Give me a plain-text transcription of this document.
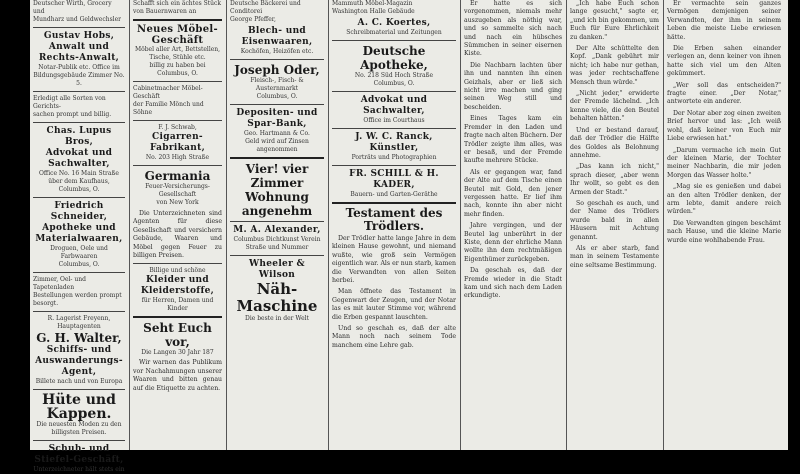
Deutscher Wirth, Grocery und
Mundharz und Geldwechsler
Gustav Hobs,
Anwalt und Rechts-Anwalt,
Notar-Publik etc. Office im
Bildungsgebäude Zimmer No. 5.
Erledigt alle Sorten von Gerichts-
sachen prompt und billig.
Chas. Lupus Bros,
Advokat und Sachwalter,
Office No. 16 Main Straße
über dem Kaufhaus, Columbus, O.
Friedrich Schneider,
Apotheke und Materialwaaren,
Droguen, Oele und Farbwaaren
Columbus, O.
Zimmer, Oel- und Tapetenladen
Bestellungen werden prompt besorgt.
R. Lagerist Freyenn, Hauptagenten
G. H. Walter,
Schiffs- und Auswanderungs-Agent,
Billete nach und von Europa
Hüte und Kappen.
Die neuesten Moden zu den
billigsten Preisen.
Schuh- und Stiefel-Geschäft,
Unterzeichneter hält stets ein
Schafft sich ein ächtes Stück
von Bauernwaren an
Neues Möbel-Geschäft
Möbel aller Art, Bettstellen,
Tische, Stühle etc.
billig zu haben bei
Columbus, O.
Cabinetmacher Möbel-Geschäft
der Familie Mönch und Söhne
F. J. Schwab,
Cigarren-Fabrikant,
No. 203 High Straße
Germania
Feuer-Versicherungs-Gesellschaft
von New York

Die Unterzeichneten sind Agenten für diese Gesellschaft und versichern Gebäude, Waaren und Möbel gegen Feuer zu billigen Preisen.

Billige und schöne
Kleider und Kleiderstoffe,
für Herren, Damen und Kinder
Seht Euch vor,
Die Langen 30 Jahr 187

Wir warnen das Publikum vor Nachahmungen unserer Waaren und bitten genau auf die Etiquette zu achten.

Deutsche Bäckerei und Conditorei
George Pfeffer,
Blech- und Eisenwaaren,
Kochöfen, Heizöfen etc.
Joseph Oder,
Fleisch-, Fisch- & Austernmarkt
Columbus, O.
Depositen- und Spar-Bank,
Geo. Hartmann & Co.
Geld wird auf Zinsen angenommen
Vier! vier Zimmer
Wohnung angenehm
M. A. Alexander,
Columbus Dichtkunst Verein
Straße und Nummer
Wheeler & Wilson
Näh-Maschine
Die beste in der Welt
Mammuth Möbel-Magazin
Washington Halle Gebäude
A. C. Koertes,
Schreibmaterial und Zeitungen
Deutsche Apotheke,
No. 218 Süd Hoch Straße
Columbus, O.
Advokat und Sachwalter,
Office im Courthaus
J. W. C. Ranck, Künstler,
Porträts und Photographien
FR. SCHILL & H. KADER,
Bauern- und Garten-Geräthe
Testament des Trödlers.

Der Trödler hatte lange Jahre in dem kleinen Hause gewohnt, und niemand wußte, wie groß sein Vermögen eigentlich war. Als er nun starb, kamen die Verwandten von allen Seiten herbei.

Man öffnete das Testament in Gegenwart der Zeugen, und der Notar las es mit lauter Stimme vor, während die Erben gespannt lauschten.

Und so geschah es, daß der alte Mann noch nach seinem Tode manchem eine Lehre gab.

Er hatte es sich vorgenommen, niemals mehr auszugeben als nöthig war, und so sammelte sich nach und nach ein hübsches Sümmchen in seiner eisernen Kiste.

Die Nachbarn lachten über ihn und nannten ihn einen Geizhals, aber er ließ sich nicht irre machen und ging seinen Weg still und bescheiden.

Eines Tages kam ein Fremder in den Laden und fragte nach alten Büchern. Der Trödler zeigte ihm alles, was er besaß, und der Fremde kaufte mehrere Stücke.

Als er gegangen war, fand der Alte auf dem Tische einen Beutel mit Gold, den jener vergessen hatte. Er lief ihm nach, konnte ihn aber nicht mehr finden.

Jahre vergingen, und der Beutel lag unberührt in der Kiste, denn der ehrliche Mann wollte ihn dem rechtmäßigen Eigenthümer zurückgeben.

Da geschah es, daß der Fremde wieder in die Stadt kam und sich nach dem Laden erkundigte.

„Ich habe Euch schon lange gesucht," sagte er, „und ich bin gekommen, um Euch für Eure Ehrlichkeit zu danken."

Der Alte schüttelte den Kopf. „Dank gebührt mir nicht; ich habe nur gethan, was jeder rechtschaffene Mensch thun würde."

„Nicht jeder," erwiderte der Fremde lächelnd. „Ich kenne viele, die den Beutel behalten hätten."

Und er bestand darauf, daß der Trödler die Hälfte des Goldes als Belohnung annehme.

„Das kann ich nicht," sprach dieser, „aber wenn Ihr wollt, so gebt es den Armen der Stadt."

So geschah es auch, und der Name des Trödlers wurde bald in allen Häusern mit Achtung genannt.

Als er aber starb, fand man in seinem Testamente eine seltsame Bestimmung.

Er vermachte sein ganzes Vermögen demjenigen seiner Verwandten, der ihm in seinem Leben die meiste Liebe erwiesen hätte.

Die Erben sahen einander verlegen an, denn keiner von ihnen hatte sich viel um den Alten gekümmert.

„Wer soll das entscheiden?" fragte einer. „Der Notar," antwortete ein anderer.

Der Notar aber zog einen zweiten Brief hervor und las: „Ich weiß wohl, daß keiner von Euch mir Liebe erwiesen hat."

„Darum vermache ich mein Gut der kleinen Marie, der Tochter meiner Nachbarin, die mir jeden Morgen das Wasser holte."

„Mag sie es genießen und dabei an den alten Trödler denken, der arm lebte, damit andere reich würden."

Die Verwandten gingen beschämt nach Hause, und die kleine Marie wurde eine wohlhabende Frau.
